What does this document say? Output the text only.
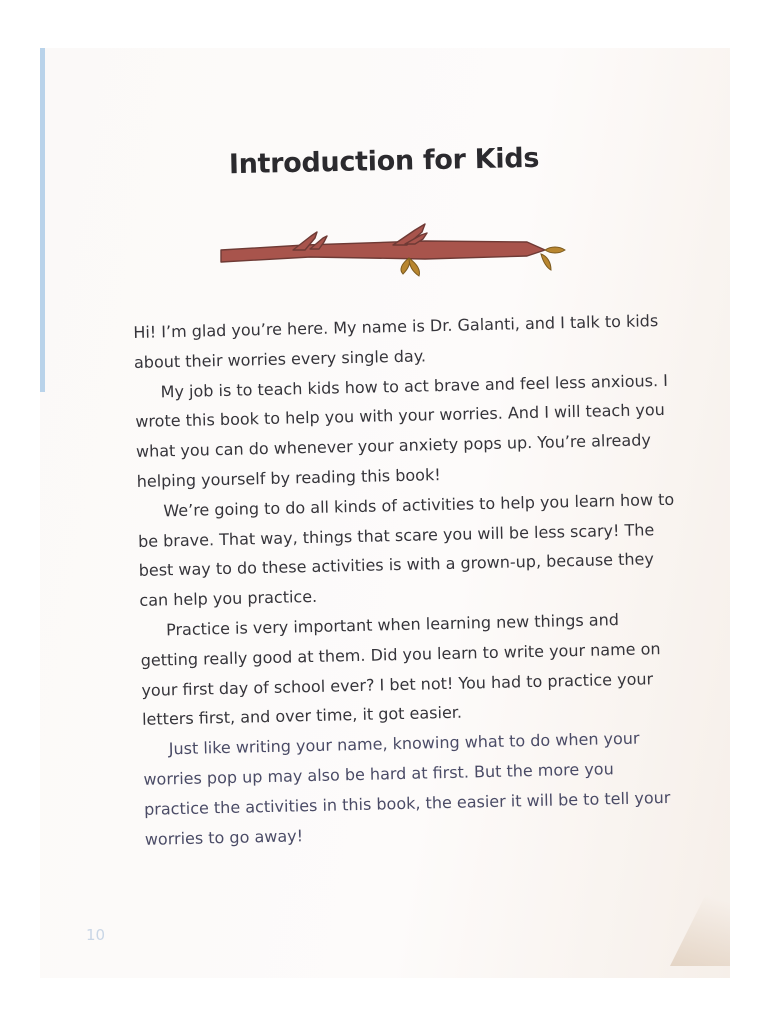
Introduction for Kids

Hi! I’m glad you’re here. My name is Dr. Galanti, and I talk to kids about their worries every single day.

My job is to teach kids how to act brave and feel less anxious. I wrote this book to help you with your worries. And I will teach you what you can do whenever your anxiety pops up. You’re already helping yourself by reading this book!

We’re going to do all kinds of activities to help you learn how to be brave. That way, things that scare you will be less scary! The best way to do these activities is with a grown-up, because they can help you practice.

Practice is very important when learning new things and getting really good at them. Did you learn to write your name on your first day of school ever? I bet not! You had to practice your letters first, and over time, it got easier.

Just like writing your name, knowing what to do when your worries pop up may also be hard at first. But the more you practice the activities in this book, the easier it will be to tell your worries to go away!

10
